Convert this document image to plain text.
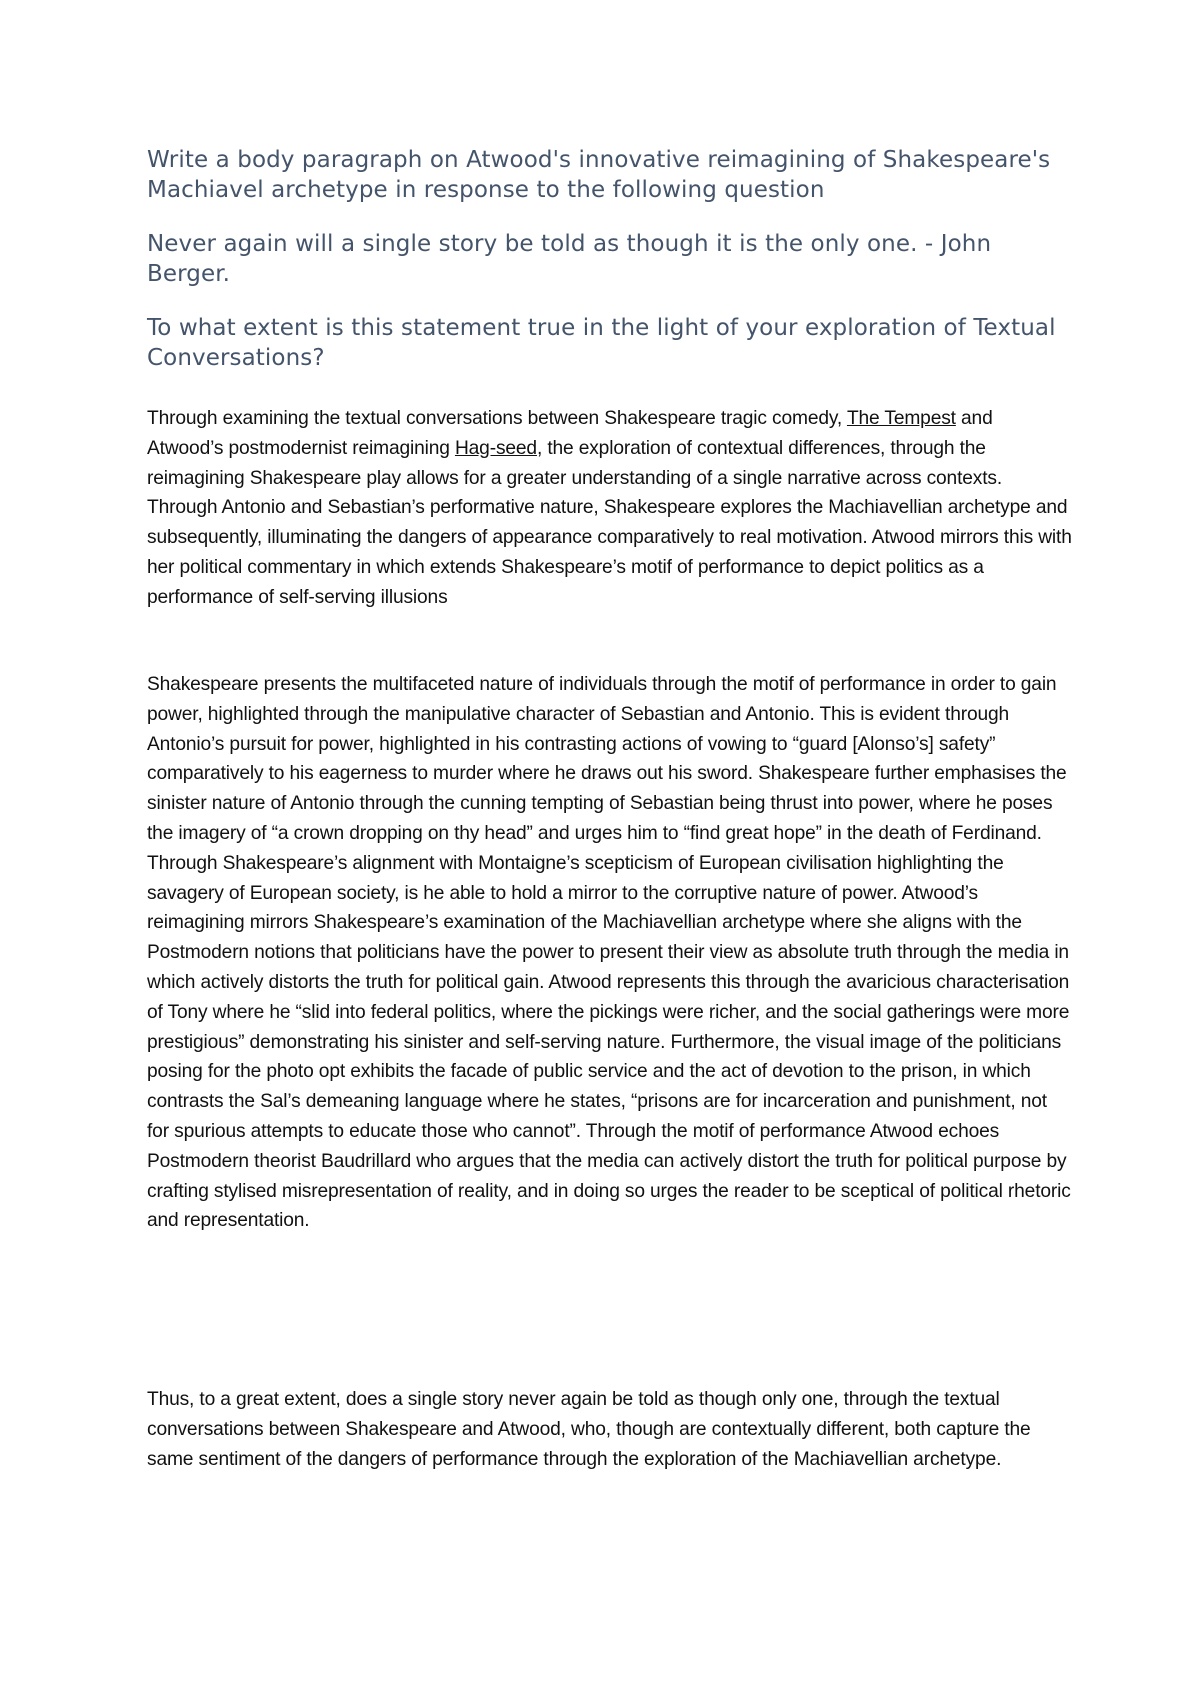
Write a body paragraph on Atwood's innovative reimagining of Shakespeare's Machiavel archetype in response to the following question

Never again will a single story be told as though it is the only one. - John Berger.

To what extent is this statement true in the light of your exploration of Textual Conversations?

Through examining the textual conversations between Shakespeare tragic comedy, The Tempest and Atwood’s postmodernist reimagining Hag-seed, the exploration of contextual differences, through the reimagining Shakespeare play allows for a greater understanding of a single narrative across contexts. Through Antonio and Sebastian’s performative nature, Shakespeare explores the Machiavellian archetype and subsequently, illuminating the dangers of appearance comparatively to real motivation. Atwood mirrors this with her political commentary in which extends Shakespeare’s motif of performance to depict politics as a performance of self-serving illusions

Shakespeare presents the multifaceted nature of individuals through the motif of performance in order to gain power, highlighted through the manipulative character of Sebastian and Antonio. This is evident through Antonio’s pursuit for power, highlighted in his contrasting actions of vowing to “guard [Alonso’s] safety” comparatively to his eagerness to murder where he draws out his sword. Shakespeare further emphasises the sinister nature of Antonio through the cunning tempting of Sebastian being thrust into power, where he poses the imagery of “a crown dropping on thy head” and urges him to “find great hope” in the death of Ferdinand. Through Shakespeare’s alignment with Montaigne’s scepticism of European civilisation highlighting the savagery of European society, is he able to hold a mirror to the corruptive nature of power. Atwood’s reimagining mirrors Shakespeare’s examination of the Machiavellian archetype where she aligns with the Postmodern notions that politicians have the power to present their view as absolute truth through the media in which actively distorts the truth for political gain. Atwood represents this through the avaricious characterisation of Tony where he “slid into federal politics, where the pickings were richer, and the social gatherings were more prestigious” demonstrating his sinister and self-serving nature. Furthermore, the visual image of the politicians posing for the photo opt exhibits the facade of public service and the act of devotion to the prison, in which contrasts the Sal’s demeaning language where he states, “prisons are for incarceration and punishment, not for spurious attempts to educate those who cannot”. Through the motif of performance Atwood echoes Postmodern theorist Baudrillard who argues that the media can actively distort the truth for political purpose by crafting stylised misrepresentation of reality, and in doing so urges the reader to be sceptical of political rhetoric and representation.

Thus, to a great extent, does a single story never again be told as though only one, through the textual conversations between Shakespeare and Atwood, who, though are contextually different, both capture the same sentiment of the dangers of performance through the exploration of the Machiavellian archetype.
